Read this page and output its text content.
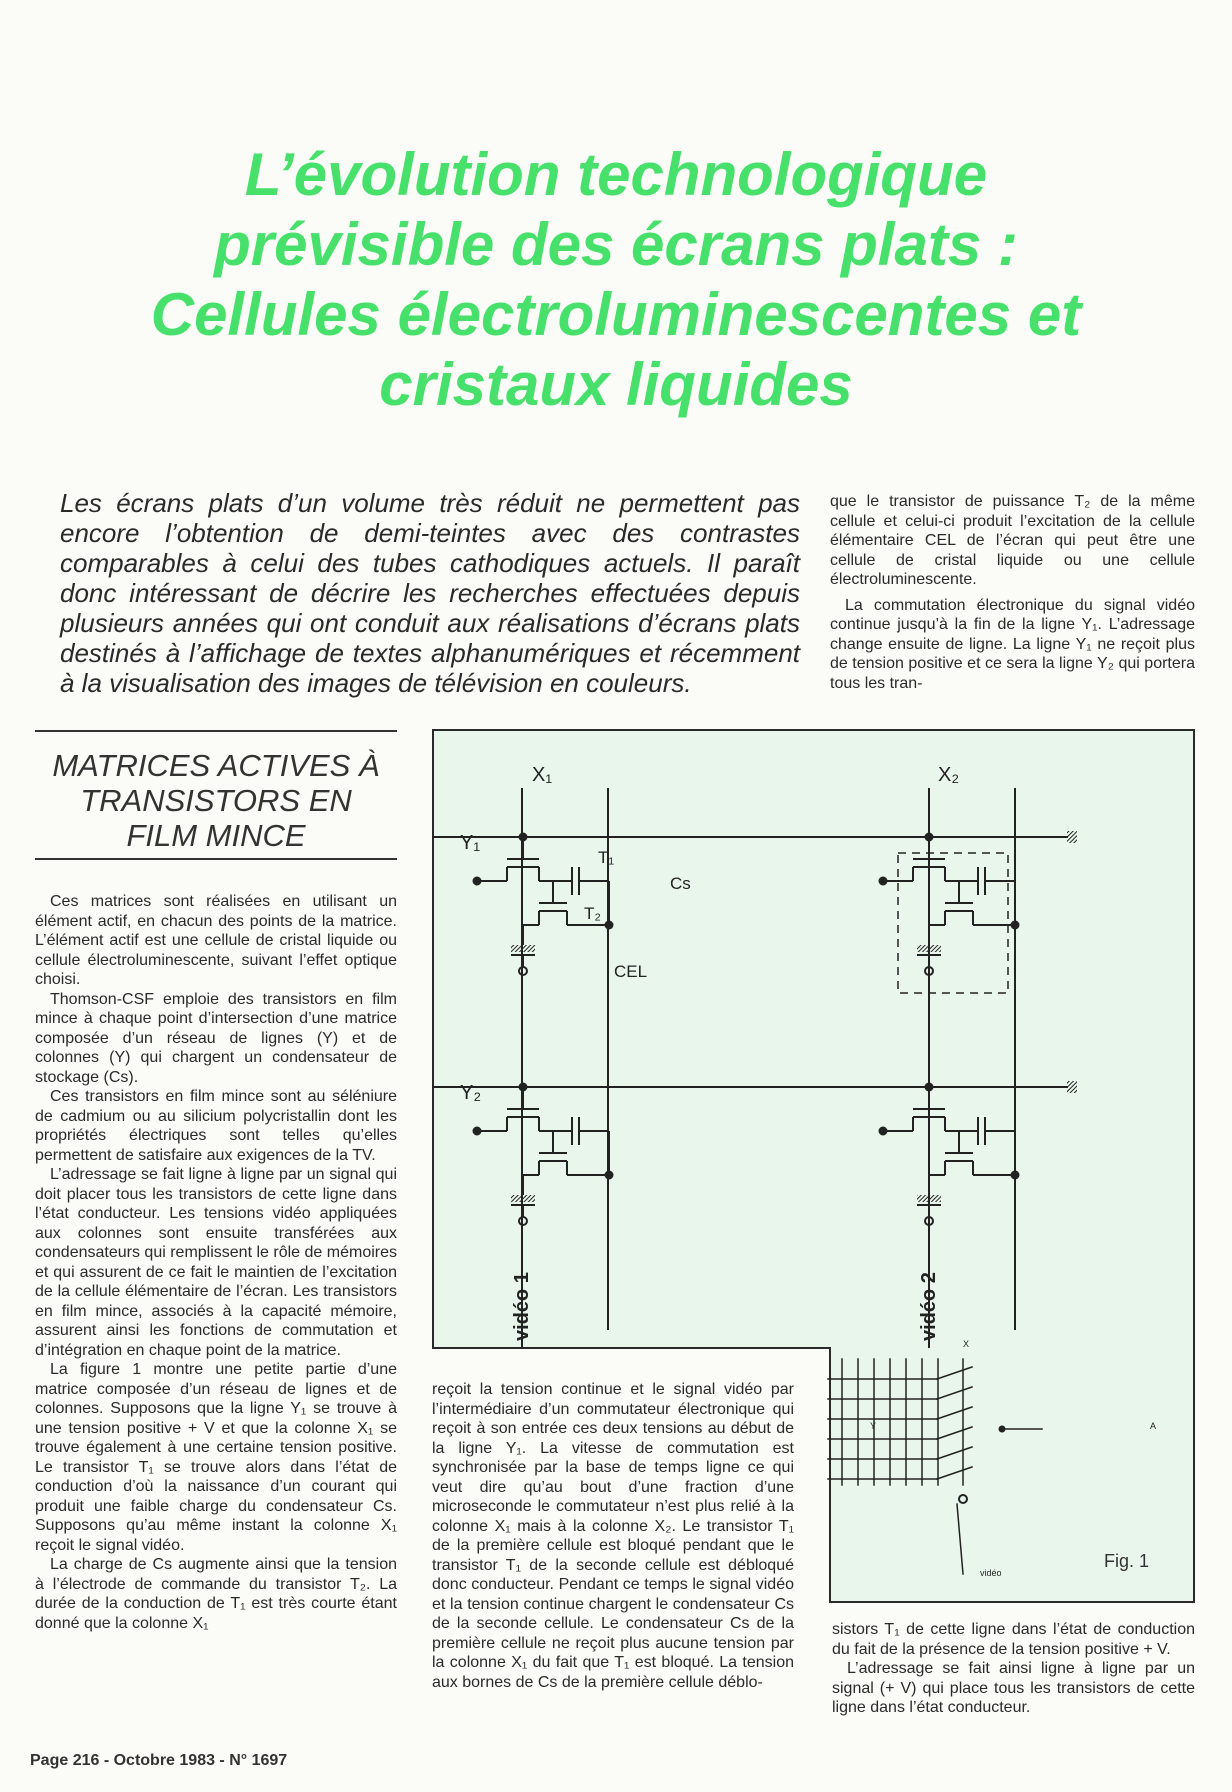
L’évolution technologique
prévisible des écrans plats :
Cellules électroluminescentes et
cristaux liquides
Les écrans plats d’un volume très réduit ne permettent pas encore l’obtention de demi-teintes avec des contrastes comparables à celui des tubes cathodiques actuels. Il paraît donc intéressant de décrire les recherches effectuées depuis plusieurs années qui ont conduit aux réalisations d’écrans plats destinés à l’affichage de textes alphanumériques et récemment à la visualisation des images de télévision en couleurs.

que le transistor de puissance T₂ de la même cellule et celui-ci produit l’excitation de la cellule élémentaire CEL de l’écran qui peut être une cellule de cristal liquide ou une cellule électroluminescente.

La commutation électronique du signal vidéo continue jusqu’à la fin de la ligne Y₁. L’adressage change ensuite de ligne. La ligne Y₁ ne reçoit plus de tension positive et ce sera la ligne Y₂ qui portera tous les tran-

MATRICES ACTIVES À
TRANSISTORS EN
FILM MINCE

Ces matrices sont réalisées en utilisant un élément actif, en chacun des points de la matrice. L’élément actif est une cellule de cristal liquide ou cellule électroluminescente, suivant l’effet optique choisi.

Thomson-CSF emploie des transistors en film mince à chaque point d’intersection d’une matrice composée d’un réseau de lignes (Y) et de colonnes (Y) qui chargent un condensateur de stockage (Cs).

Ces transistors en film mince sont au séléniure de cadmium ou au silicium polycristallin dont les propriétés électriques sont telles qu’elles permettent de satisfaire aux exigences de la TV.

L’adressage se fait ligne à ligne par un signal qui doit placer tous les transistors de cette ligne dans l’état conducteur. Les tensions vidéo appliquées aux colonnes sont ensuite transférées aux condensateurs qui remplissent le rôle de mémoires et qui assurent de ce fait le maintien de l’excitation de la cellule élémentaire de l’écran. Les transistors en film mince, associés à la capacité mémoire, assurent ainsi les fonctions de commutation et d’intégration en chaque point de la matrice.

La figure 1 montre une petite partie d’une matrice composée d’un réseau de lignes et de colonnes. Supposons que la ligne Y₁ se trouve à une tension positive + V et que la colonne X₁ se trouve également à une certaine tension positive. Le transistor T₁ se trouve alors dans l’état de conduction d’où la naissance d’un courant qui produit une faible charge du condensateur Cs. Supposons qu’au même instant la colonne X₁ reçoit le signal vidéo.

La charge de Cs augmente ainsi que la tension à l’électrode de commande du transistor T₂. La durée de la conduction de T₁ est très courte étant donné que la colonne X₁

X₁	X₂
Y₁
Y₂
T₁
Cs
T₂
CEL
vidéo 1	vidéo 2
X
Y	A
vidéo
Fig. 1

reçoit la tension continue et le signal vidéo par l’intermédiaire d’un commutateur électronique qui reçoit à son entrée ces deux tensions au début de la ligne Y₁. La vitesse de commutation est synchronisée par la base de temps ligne ce qui veut dire qu’au bout d’une fraction d’une microseconde le commutateur n’est plus relié à la colonne X₁ mais à la colonne X₂. Le transistor T₁ de la première cellule est bloqué pendant que le transistor T₁ de la seconde cellule est débloqué donc conducteur. Pendant ce temps le signal vidéo et la tension continue chargent le condensateur Cs de la seconde cellule. Le condensateur Cs de la première cellule ne reçoit plus aucune tension par la colonne X₁ du fait que T₁ est bloqué. La tension aux bornes de Cs de la première cellule déblo-

sistors T₁ de cette ligne dans l’état de conduction du fait de la présence de la tension positive + V.

L’adressage se fait ainsi ligne à ligne par un signal (+ V) qui place tous les transistors de cette ligne dans l’état conducteur.

Page 216 - Octobre 1983 - N° 1697
